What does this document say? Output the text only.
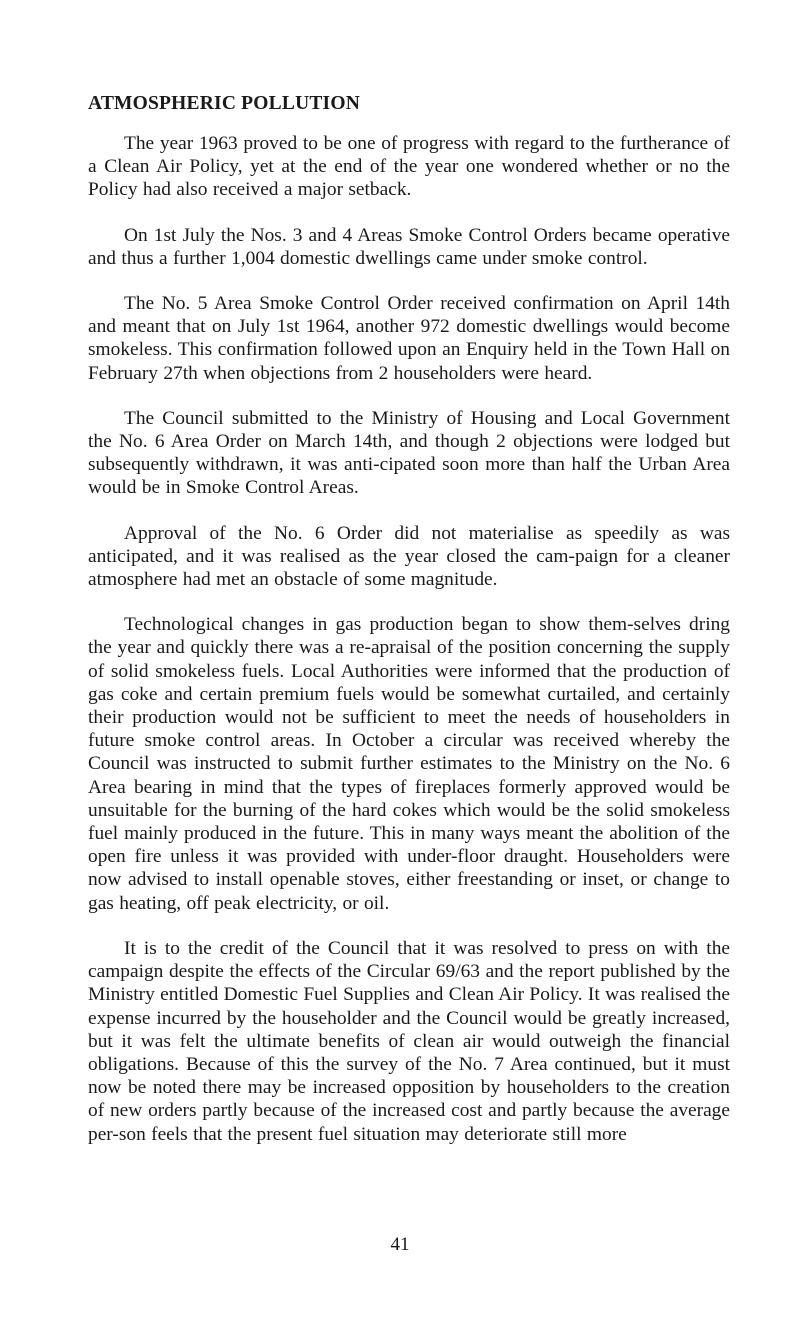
ATMOSPHERIC POLLUTION

The year 1963 proved to be one of progress with regard to the furtherance of a Clean Air Policy, yet at the end of the year one wondered whether or no the Policy had also received a major setback.

On 1st July the Nos. 3 and 4 Areas Smoke Control Orders became operative and thus a further 1,004 domestic dwellings came under smoke control.

The No. 5 Area Smoke Control Order received confirmation on April 14th and meant that on July 1st 1964, another 972 domestic dwellings would become smokeless. This confirmation followed upon an Enquiry held in the Town Hall on February 27th when objections from 2 householders were heard.

The Council submitted to the Ministry of Housing and Local Government the No. 6 Area Order on March 14th, and though 2 objections were lodged but subsequently withdrawn, it was anti-cipated soon more than half the Urban Area would be in Smoke Control Areas.

Approval of the No. 6 Order did not materialise as speedily as was anticipated, and it was realised as the year closed the cam-paign for a cleaner atmosphere had met an obstacle of some magnitude.

Technological changes in gas production began to show them-selves dring the year and quickly there was a re-apraisal of the position concerning the supply of solid smokeless fuels. Local Authorities were informed that the production of gas coke and certain premium fuels would be somewhat curtailed, and certainly their production would not be sufficient to meet the needs of householders in future smoke control areas. In October a circular was received whereby the Council was instructed to submit further estimates to the Ministry on the No. 6 Area bearing in mind that the types of fireplaces formerly approved would be unsuitable for the burning of the hard cokes which would be the solid smokeless fuel mainly produced in the future. This in many ways meant the abolition of the open fire unless it was provided with under-floor draught. Householders were now advised to install openable stoves, either freestanding or inset, or change to gas heating, off peak electricity, or oil.

It is to the credit of the Council that it was resolved to press on with the campaign despite the effects of the Circular 69/63 and the report published by the Ministry entitled Domestic Fuel Supplies and Clean Air Policy. It was realised the expense incurred by the householder and the Council would be greatly increased, but it was felt the ultimate benefits of clean air would outweigh the financial obligations. Because of this the survey of the No. 7 Area continued, but it must now be noted there may be increased opposition by householders to the creation of new orders partly because of the increased cost and partly because the average per-son feels that the present fuel situation may deteriorate still more

41
